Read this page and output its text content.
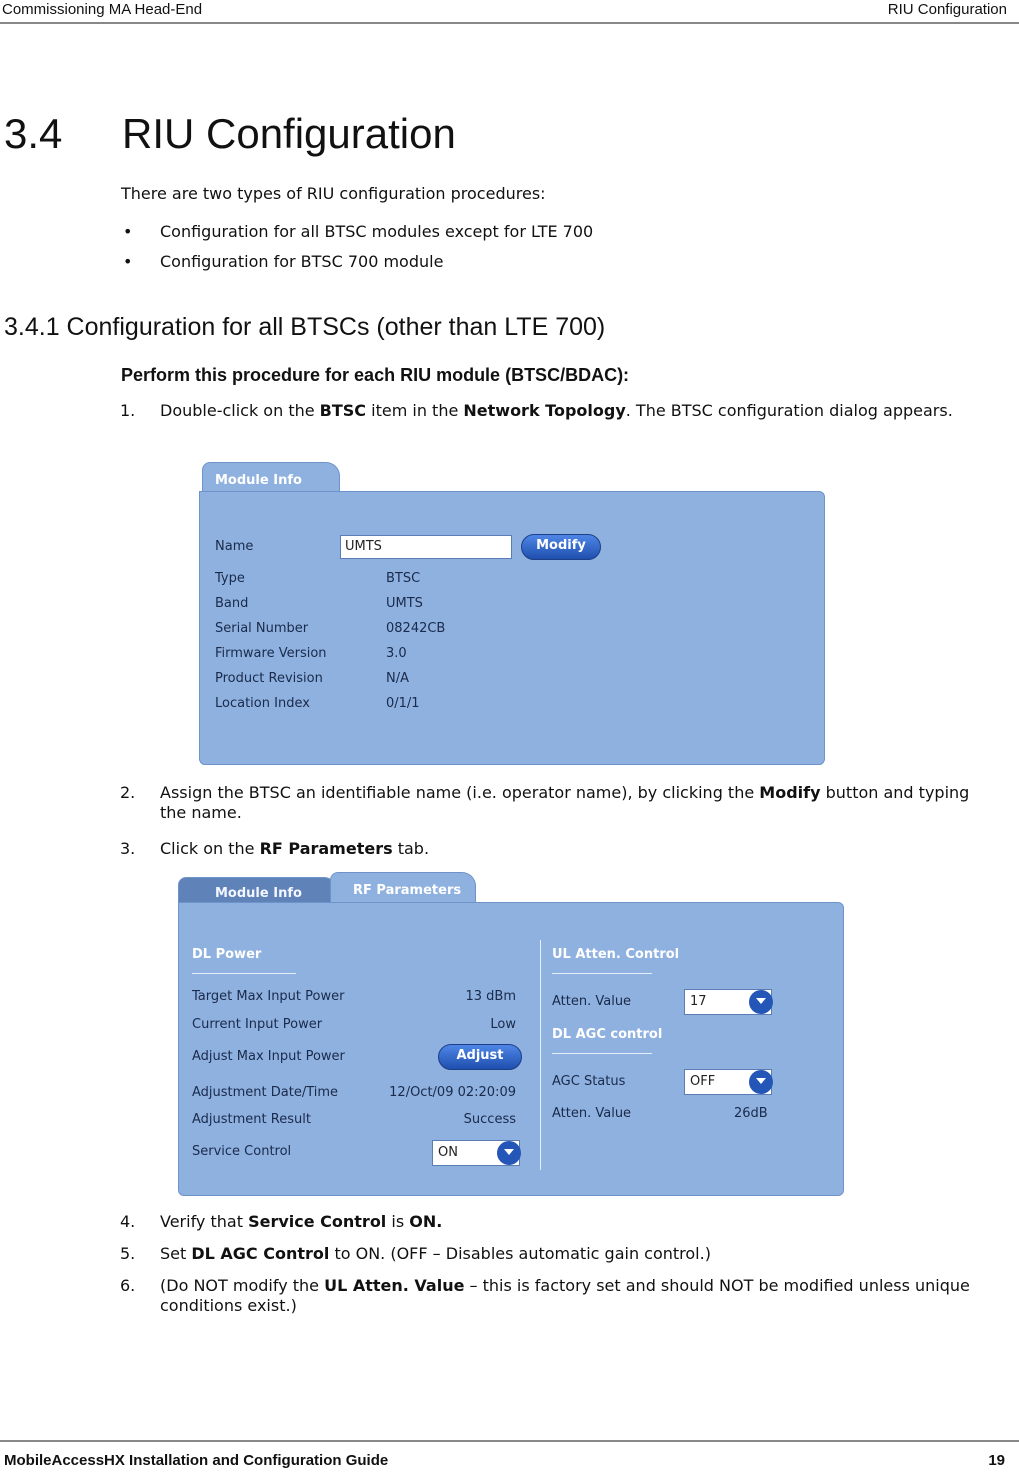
Commissioning MA Head-End	RIU Configuration
3.4 RIU Configuration
There are two types of RIU configuration procedures:
• Configuration for all BTSC modules except for LTE 700
• Configuration for BTSC 700 module
3.4.1 Configuration for all BTSCs (other than LTE 700)
Perform this procedure for each RIU module (BTSC/BDAC):
1. Double-click on the BTSC item in the Network Topology. The BTSC configuration dialog appears.
Module Info
Name	UMTS	Modify
Type	BTSC
Band	UMTS
Serial Number	08242CB
Firmware Version	3.0
Product Revision	N/A
Location Index	0/1/1
2. Assign the BTSC an identifiable name (i.e. operator name), by clicking the Modify button and typing the name.
3. Click on the RF Parameters tab.
Module Info	RF Parameters
DL Power
Target Max Input Power	13 dBm
Current Input Power	Low
Adjust Max Input Power	Adjust
Adjustment Date/Time	12/Oct/09 02:20:09
Adjustment Result	Success
Service Control	ON
UL Atten. Control
Atten. Value	17
DL AGC control
AGC Status	OFF
Atten. Value	26dB
4. Verify that Service Control is ON.
5. Set DL AGC Control to ON. (OFF – Disables automatic gain control.)
6. (Do NOT modify the UL Atten. Value – this is factory set and should NOT be modified unless unique conditions exist.)
MobileAccessHX Installation and Configuration Guide	19
